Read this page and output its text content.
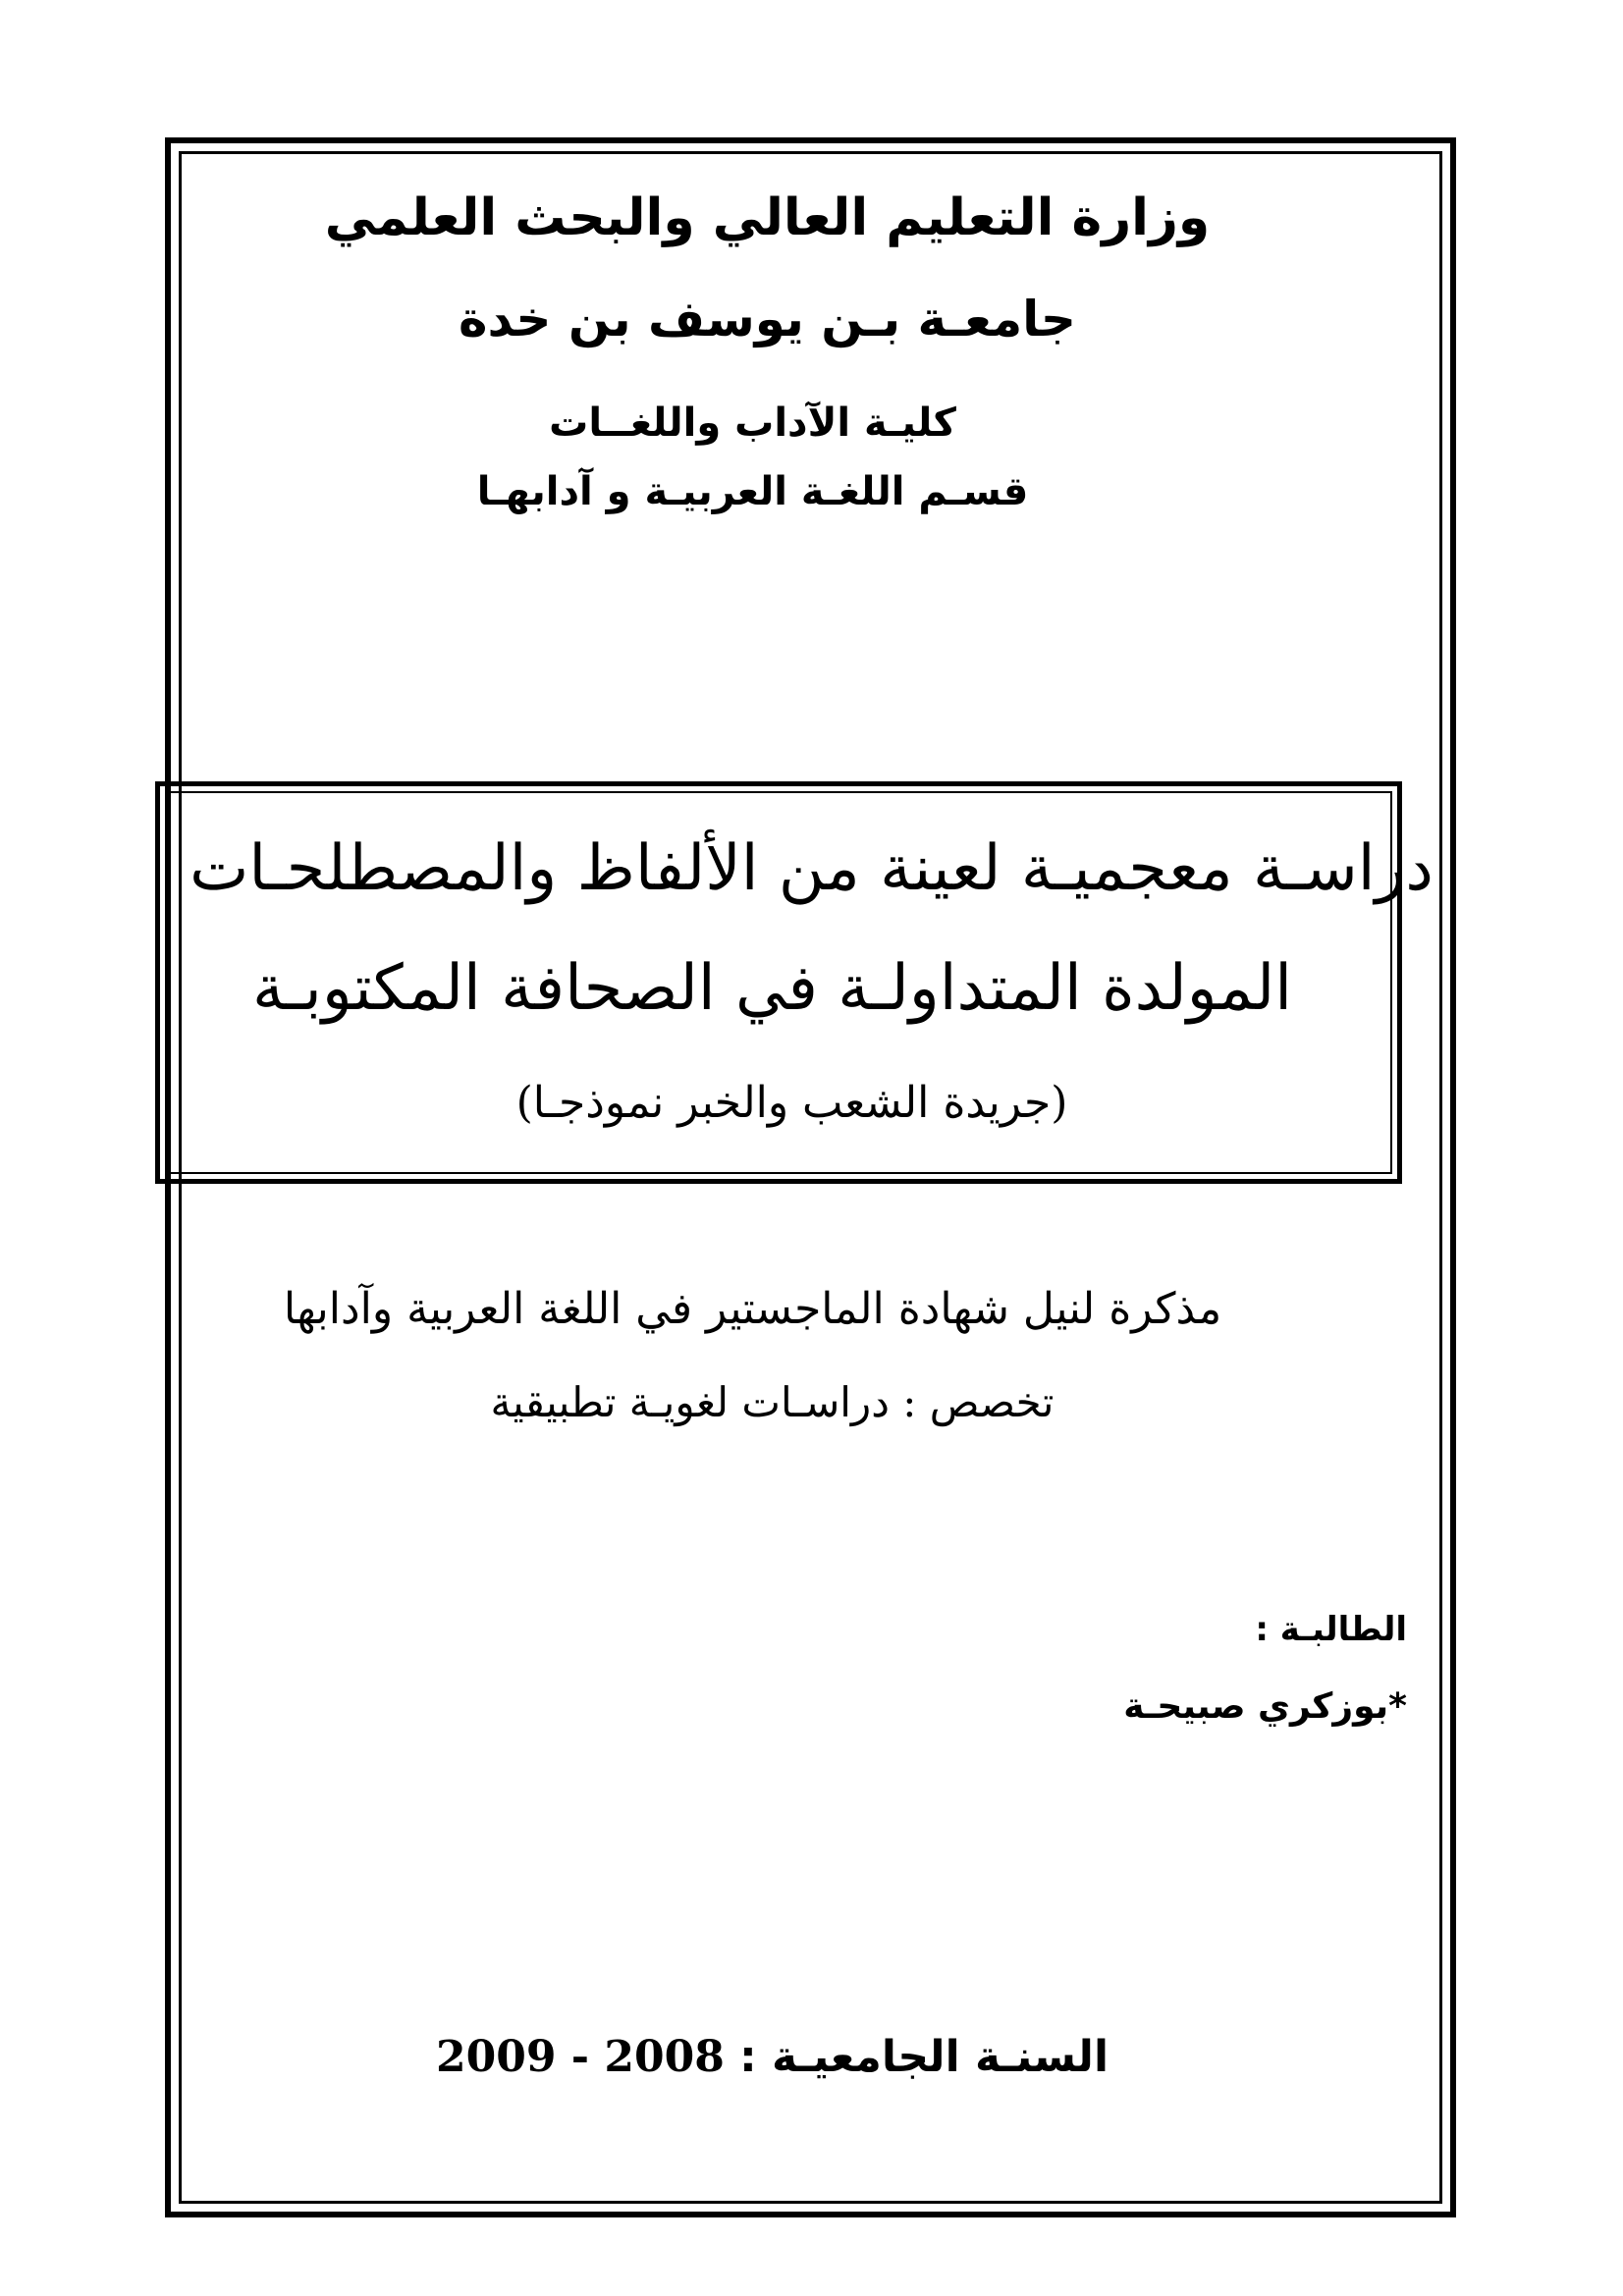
وزارة التعليم العالي والبحث العلمي
جامعـة بـن يوسف بن خدة
كليـة الآداب واللغــات
قسـم اللغـة العربيـة و آدابهـا
دراسـة معجميـة لعينة من الألفاظ والمصطلحـات
المولدة المتداولـة في الصحافة المكتوبـة
(جريدة الشعب والخبر نموذجـا)
مذكرة لنيل شهادة الماجستير في اللغة العربية وآدابها
تخصص : دراسـات لغويـة تطبيقية
الطالبـة :
*بوزكري صبيحـة
السنـة الجامعيـة : 2008 - 2009
